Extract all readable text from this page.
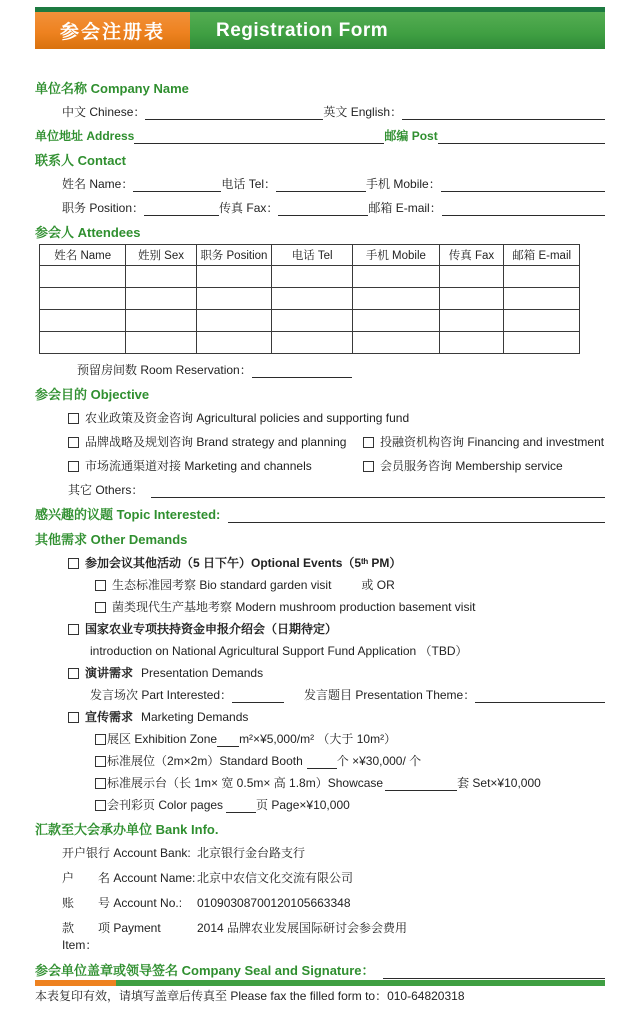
参会注册表	Registration Form
单位名称 Company Name
中文 Chinese：	英文 English：
单位地址 Address	邮编 Post
联系人 Contact
姓名 Name：	电话 Tel：	手机 Mobile：
职务 Position：	传真 Fax：	邮箱 E-mail：
参会人 Attendees
姓名 Name	姓别 Sex	职务 Position	电话 Tel	手机 Mobile	传真 Fax	邮箱 E-mail

预留房间数 Room Reservation：
参会目的 Objective
农业政策及资金咨询 Agricultural policies and supporting fund
品牌战略及规划咨询 Brand strategy and planning	投融资机构咨询 Financing and investment
市场流通渠道对接 Marketing and channels	会员服务咨询 Membership service
其它 Others：
感兴趣的议题 Topic Interested:
其他需求 Other Demands
参加会议其他活动（5 日下午） Optional Events（5ᵗʰ PM）
生态标准园考察 Bio standard garden visit	或 OR
菌类现代生产基地考察 Modern mushroom production basement visit
国家农业专项扶持资金申报介绍会（日期待定）
introduction on National Agricultural Support Fund Application （TBD）
演讲需求 Presentation Demands
发言场次 Part Interested：	发言题目 Presentation Theme：
宣传需求 Marketing Demands
展区 Exhibition Zone m²×¥5,000/m² （大于 10m²）
标准展位（2m×2m）Standard Booth	个 ×¥30,000/ 个
标准展示台（长 1m× 宽 0.5m× 高 1.8m）Showcase	套 Set×¥10,000
会刊彩页 Color pages	页 Page×¥10,000
汇款至大会承办单位 Bank Info.
开户银行 Account Bank: 北京银行金台路支行
户　　名 Account Name: 北京中农信文化交流有限公司
账　　号 Account No.:	01090308700120105663348
款　　项 Payment Item：
2014 品牌农业发展国际研讨会参会费用
参会单位盖章或领导签名 Company Seal and Signature：
本表复印有效，请填写盖章后传真至 Please fax the filled form to： 010-64820318
